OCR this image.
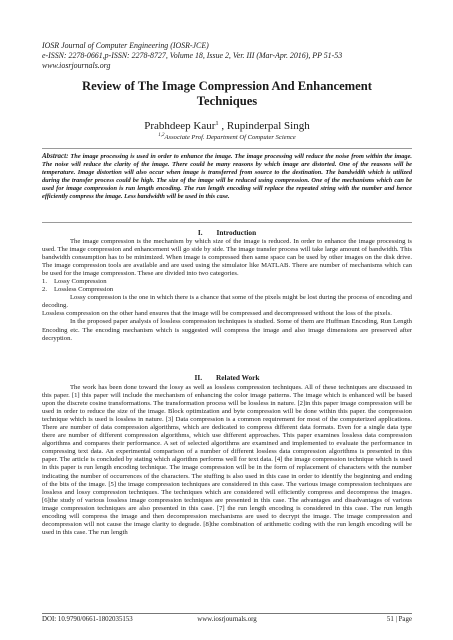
IOSR Journal of Computer Engineering (IOSR-JCE)
e-ISSN: 2278-0661,p-ISSN: 2278-8727, Volume 18, Issue 2, Ver. III (Mar-Apr. 2016), PP 51-53
www.iosrjournals.org
Review of The Image Compression And Enhancement
Techniques
Prabhdeep Kaur$^1$ , Rupinderpal Singh
$^{1,2}$Associate Prof. Department Of Computer Science

Abstract: The image processing is used in order to enhance the image. The image processing will reduce the noise from within the image. The noise will reduce the clarity of the image. There could be many reasons by which image are distorted. One of the reasons will be temperature. Image distortion will also occur when image is transferred from source to the destination. The bandwidth which is utilized during the transfer process could be high. The size of the image will be reduced using compression. One of the mechanisms which can be used for image compression is run length encoding. The run length encoding will replace the repeated string with the number and hence efficiently compress the image. Less bandwidth will be used in this case.

I. Introduction

The image compression is the mechanism by which size of the image is reduced. In order to enhance the image processing is used. The image compression and enhancement will go side by side. The image transfer process will take large amount of bandwidth. This bandwidth consumption has to be minimized. When image is compressed then same space can be used by other images on the disk drive. The image compression tools are available and are used using the simulator like MATLAB. There are number of mechanisms which can be used for the image compression. These are divided into two categories.

1. Lossy Compression
2. Lossless Compression

Lossy compression is the one in which there is a chance that some of the pixels might be lost during the process of encoding and decoding.

Lossless compression on the other hand ensures that the image will be compressed and decompressed without the loss of the pixels.

In the proposed paper analysis of lossless compression techniques is studied. Some of them are Huffman Encoding, Run Length Encoding etc. The encoding mechanism which is suggested will compress the image and also image dimensions are preserved after decryption.

II. Related Work

The work has been done toward the lossy as well as lossless compression techniques. All of these techniques are discussed in this paper. [1] this paper will include the mechanism of enhancing the color image patterns. The image which is enhanced will be based upon the discrete cosine transformations. The transformation process will be lossless in nature. [2]in this paper image compression will be used in order to reduce the size of the image. Block optimization and byte compression will be done within this paper. the compression technique which is used is lossless in nature. [3] Data compression is a common requirement for most of the computerized applications. There are number of data compression algorithms, which are dedicated to compress different data formats. Even for a single data type there are number of different compression algorithms, which use different approaches. This paper examines lossless data compression algorithms and compares their performance. A set of selected algorithms are examined and implemented to evaluate the performance in compressing text data. An experimental comparison of a number of different lossless data compression algorithms is presented in this paper. The article is concluded by stating which algorithm performs well for text data. [4] the image compression technique which is used in this paper is run length encoding technique. The image compression will be in the form of replacement of characters with the number indicating the number of occurrences of the characters. The stuffing is also used in this case in order to identify the beginning and ending of the bits of the image. [5] the image compression techniques are considered in this case. The various image compression techniques are lossless and lossy compression techniques. The techniques which are considered will efficiently compress and decompress the images. [6]the study of various lossless image compression techniques are presented in this case. The advantages and disadvantages of various image compression techniques are also presented in this case. [7] the run length encoding is considered in this case. The run length encoding will compress the image and then decompression mechanisms are used to decrypt the image. The image compression and decompression will not cause the image clarity to degrade. [8]the combination of arithmetic coding with the run length encoding will be used in this case. The run length

DOI: 10.9790/0661-1802035153	www.iosrjournals.org	51 | Page
